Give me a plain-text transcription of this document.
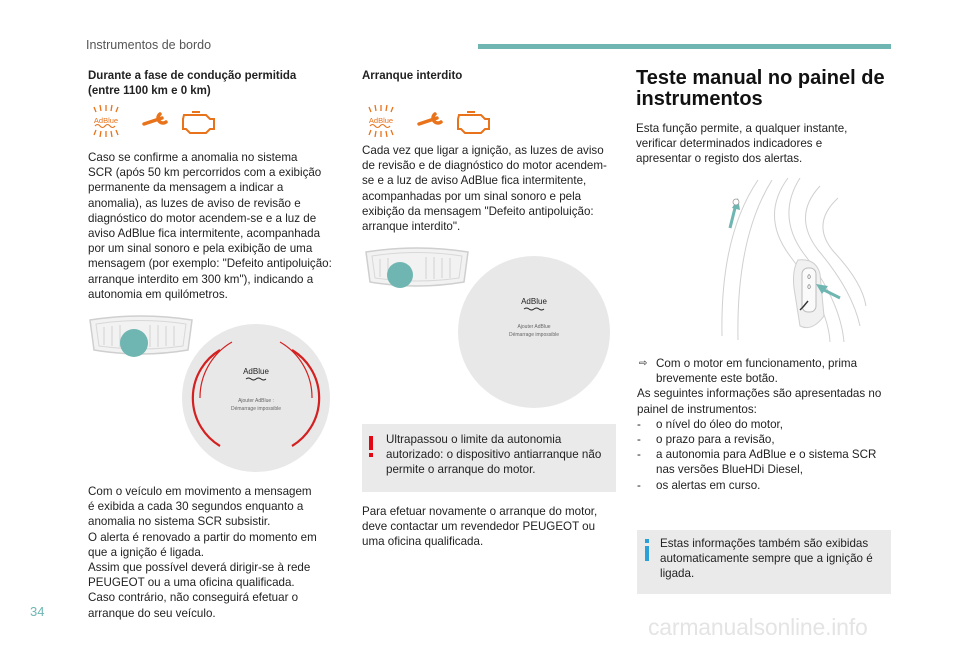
Instrumentos de bordo
Durante a fase de condução permitida
(entre 1100 km e 0 km)
AdBlue
Caso se confirme a anomalia no sistema
SCR (após 50 km percorridos com a exibição
permanente da mensagem a indicar a
anomalia), as luzes de aviso de revisão e
diagnóstico do motor acendem-se e a luz de
aviso AdBlue fica intermitente, acompanhada
por um sinal sonoro e pela exibição de uma
mensagem (por exemplo: "Defeito antipoluição:
arranque interdito em 300 km"), indicando a
autonomia em quilómetros.
AdBlue
Ajouter AdBlue :
Démarrage impossible
Com o veículo em movimento a mensagem
é exibida a cada 30 segundos enquanto a
anomalia no sistema SCR subsistir.
O alerta é renovado a partir do momento em
que a ignição é ligada.
Assim que possível deverá dirigir-se à rede
PEUGEOT ou a uma oficina qualificada.
Caso contrário, não conseguirá efetuar o
arranque do seu veículo.
Arranque interdito
AdBlue
Cada vez que ligar a ignição, as luzes de aviso
de revisão e de diagnóstico do motor acendem-
se e a luz de aviso AdBlue fica intermitente,
acompanhadas por um sinal sonoro e pela
exibição da mensagem "Defeito antipoluição:
arranque interdito".
AdBlue
Ajouter AdBlue
Démarrage impossible
Ultrapassou o limite da autonomia
autorizado: o dispositivo antiarranque não
permite o arranque do motor.
Para efetuar novamente o arranque do motor,
deve contactar um revendedor PEUGEOT ou
uma oficina qualificada.
Teste manual no painel de
instrumentos
Esta função permite, a qualquer instante,
verificar determinados indicadores e
apresentar o registo dos alertas.
0
0
⇨ Com o motor em funcionamento, prima
brevemente este botão.
As seguintes informações são apresentadas no
painel de instrumentos:
- o nível do óleo do motor,
- o prazo para a revisão,
- a autonomia para AdBlue e o sistema SCR
nas versões BlueHDi Diesel,
- os alertas em curso.
Estas informações também são exibidas
automaticamente sempre que a ignição é
ligada.
34
carmanualsonline.info
